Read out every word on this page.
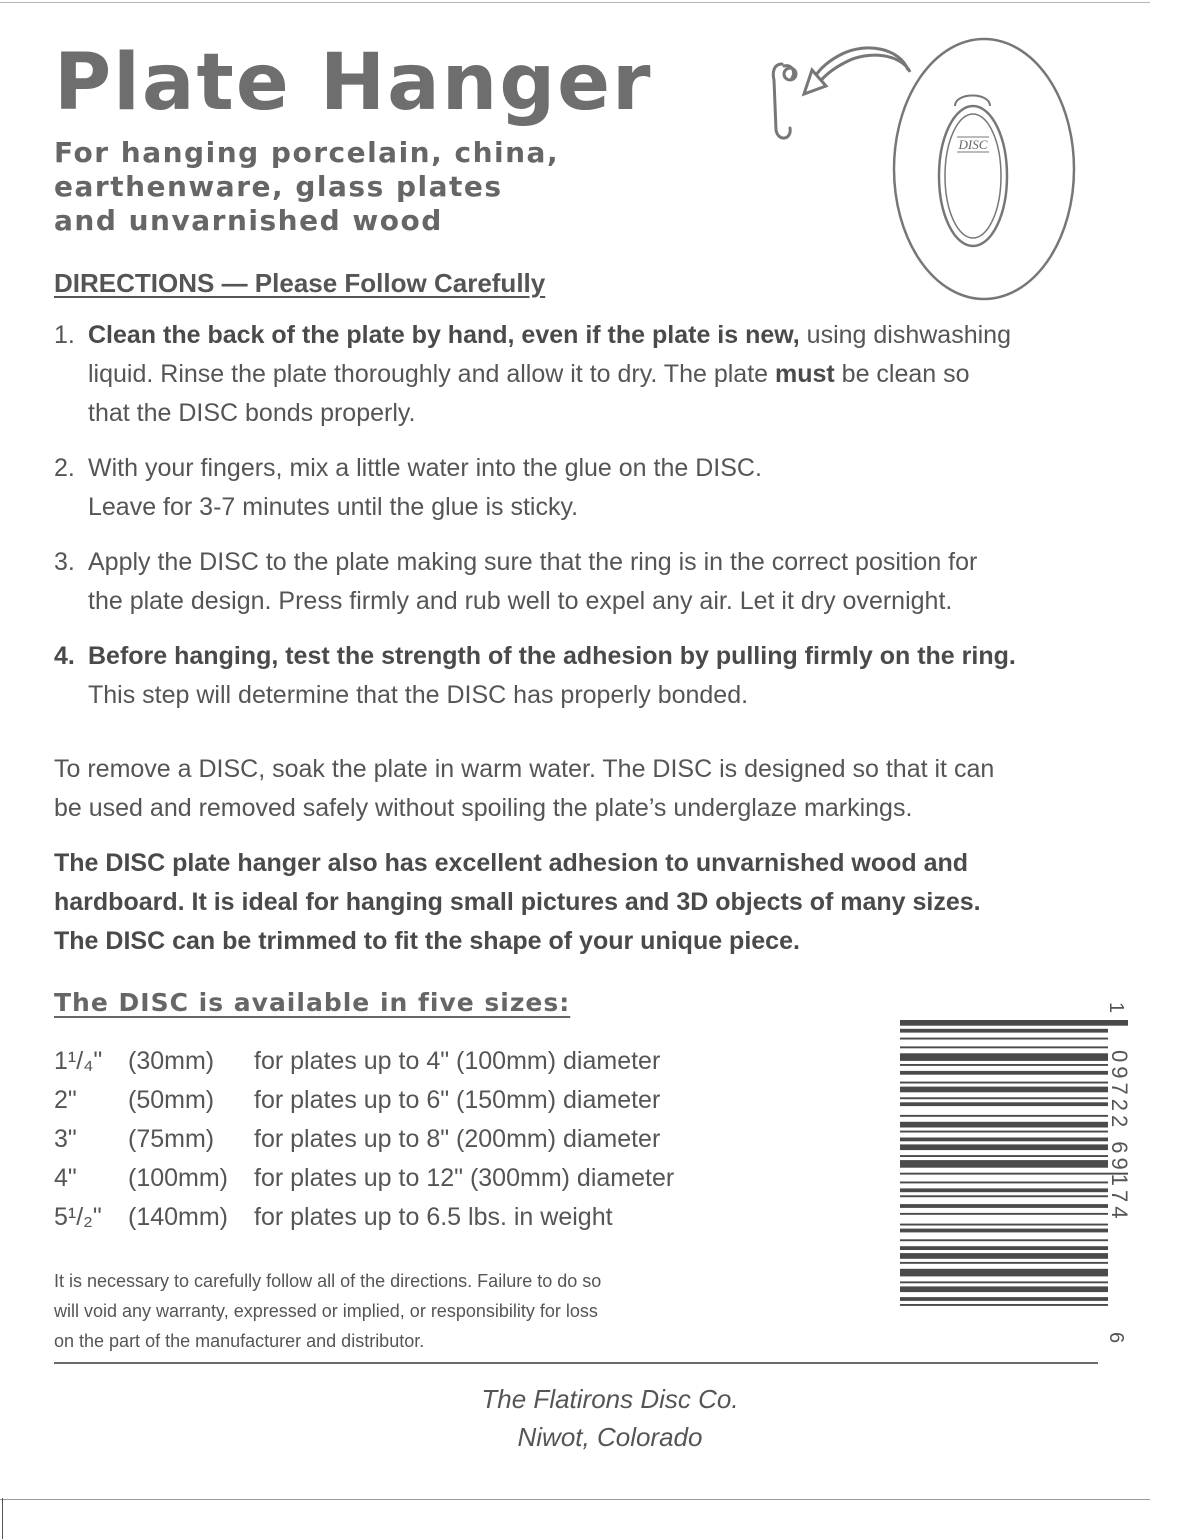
Plate Hanger

For hanging porcelain, china,
earthenware, glass plates
and unvarnished wood

DISC
DIRECTIONS — Please Follow Carefully
1. Clean the back of the plate by hand, even if the plate is new, using dishwashing
liquid. Rinse the plate thoroughly and allow it to dry. The plate must be clean so
that the DISC bonds properly.
2. With your fingers, mix a little water into the glue on the DISC.
Leave for 3-7 minutes until the glue is sticky.
3. Apply the DISC to the plate making sure that the ring is in the correct position for
the plate design. Press firmly and rub well to expel any air. Let it dry overnight.
4. Before hanging, test the strength of the adhesion by pulling firmly on the ring.
This step will determine that the DISC has properly bonded.

To remove a DISC, soak the plate in warm water. The DISC is designed so that it can
be used and removed safely without spoiling the plate’s underglaze markings.

The DISC plate hanger also has excellent adhesion to unvarnished wood and
hardboard. It is ideal for hanging small pictures and 3D objects of many sizes.
The DISC can be trimmed to fit the shape of your unique piece.

The DISC is available in five sizes:
1¹/₄"	(30mm)	for plates up to 4" (100mm) diameter
2"	(50mm)	for plates up to 6" (150mm) diameter
3"	(75mm)	for plates up to 8" (200mm) diameter
4"	(100mm)	for plates up to 12" (300mm) diameter
5¹/₂"	(140mm)	for plates up to 6.5 lbs. in weight

It is necessary to carefully follow all of the directions. Failure to do so
will void any warranty, expressed or implied, or responsibility for loss
on the part of the manufacturer and distributor.

1
09722 69174
6

The Flatirons Disc Co.
Niwot, Colorado
